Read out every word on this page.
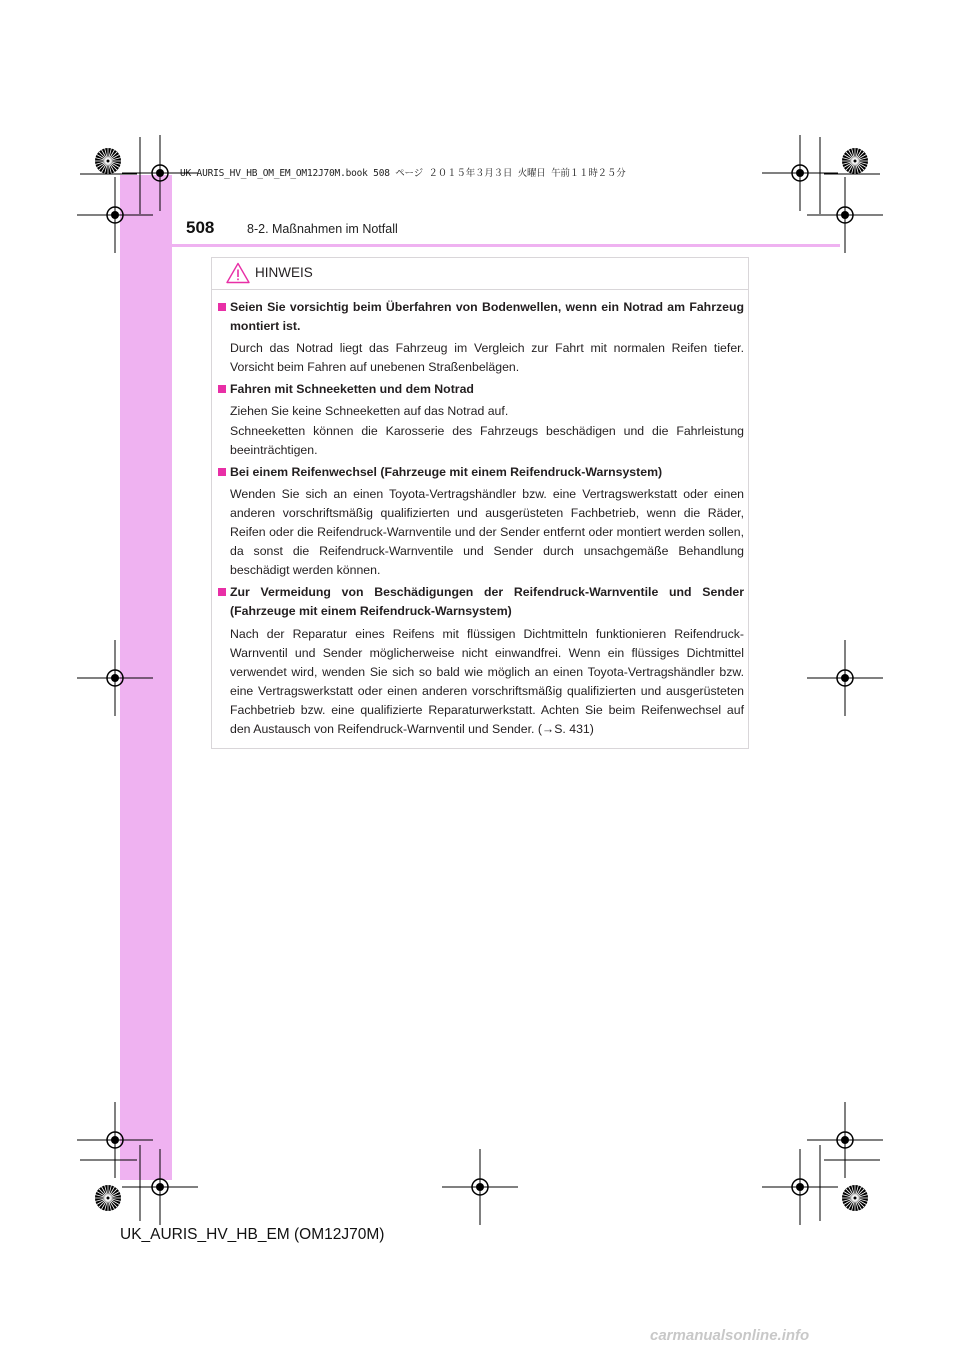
UK AURIS_HV_HB_OM_EM_OM12J70M.book 508 ページ ２０１５年３月３日 火曜日 午前１１時２５分
508	8-2. Maßnahmen im Notfall
HINWEIS
Seien Sie vorsichtig beim Überfahren von Bodenwellen, wenn ein Notrad am Fahrzeug montiert ist.
Durch das Notrad liegt das Fahrzeug im Vergleich zur Fahrt mit normalen Reifen tiefer. Vorsicht beim Fahren auf unebenen Straßenbelägen.
Fahren mit Schneeketten und dem Notrad
Ziehen Sie keine Schneeketten auf das Notrad auf.
Schneeketten können die Karosserie des Fahrzeugs beschädigen und die Fahrleistung beeinträchtigen.
Bei einem Reifenwechsel (Fahrzeuge mit einem Reifendruck-Warnsystem)
Wenden Sie sich an einen Toyota-Vertragshändler bzw. eine Vertragswerkstatt oder einen anderen vorschriftsmäßig qualifizierten und ausgerüsteten Fachbetrieb, wenn die Räder, Reifen oder die Reifendruck-Warnventile und der Sender entfernt oder montiert werden sollen, da sonst die Reifendruck-Warnventile und Sender durch unsachgemäße Behandlung beschädigt werden können.
Zur Vermeidung von Beschädigungen der Reifendruck-Warnventile und Sender (Fahrzeuge mit einem Reifendruck-Warnsystem)
Nach der Reparatur eines Reifens mit flüssigen Dichtmitteln funktionieren Reifendruck-Warnventil und Sender möglicherweise nicht einwandfrei. Wenn ein flüssiges Dichtmittel verwendet wird, wenden Sie sich so bald wie möglich an einen Toyota-Vertragshändler bzw. eine Vertragswerkstatt oder einen anderen vorschriftsmäßig qualifizierten und ausgerüsteten Fachbetrieb bzw. eine qualifizierte Reparaturwerkstatt. Achten Sie beim Reifenwechsel auf den Austausch von Reifendruck-Warnventil und Sender. (→S. 431)
UK_AURIS_HV_HB_EM (OM12J70M)
carmanualsonline.info
